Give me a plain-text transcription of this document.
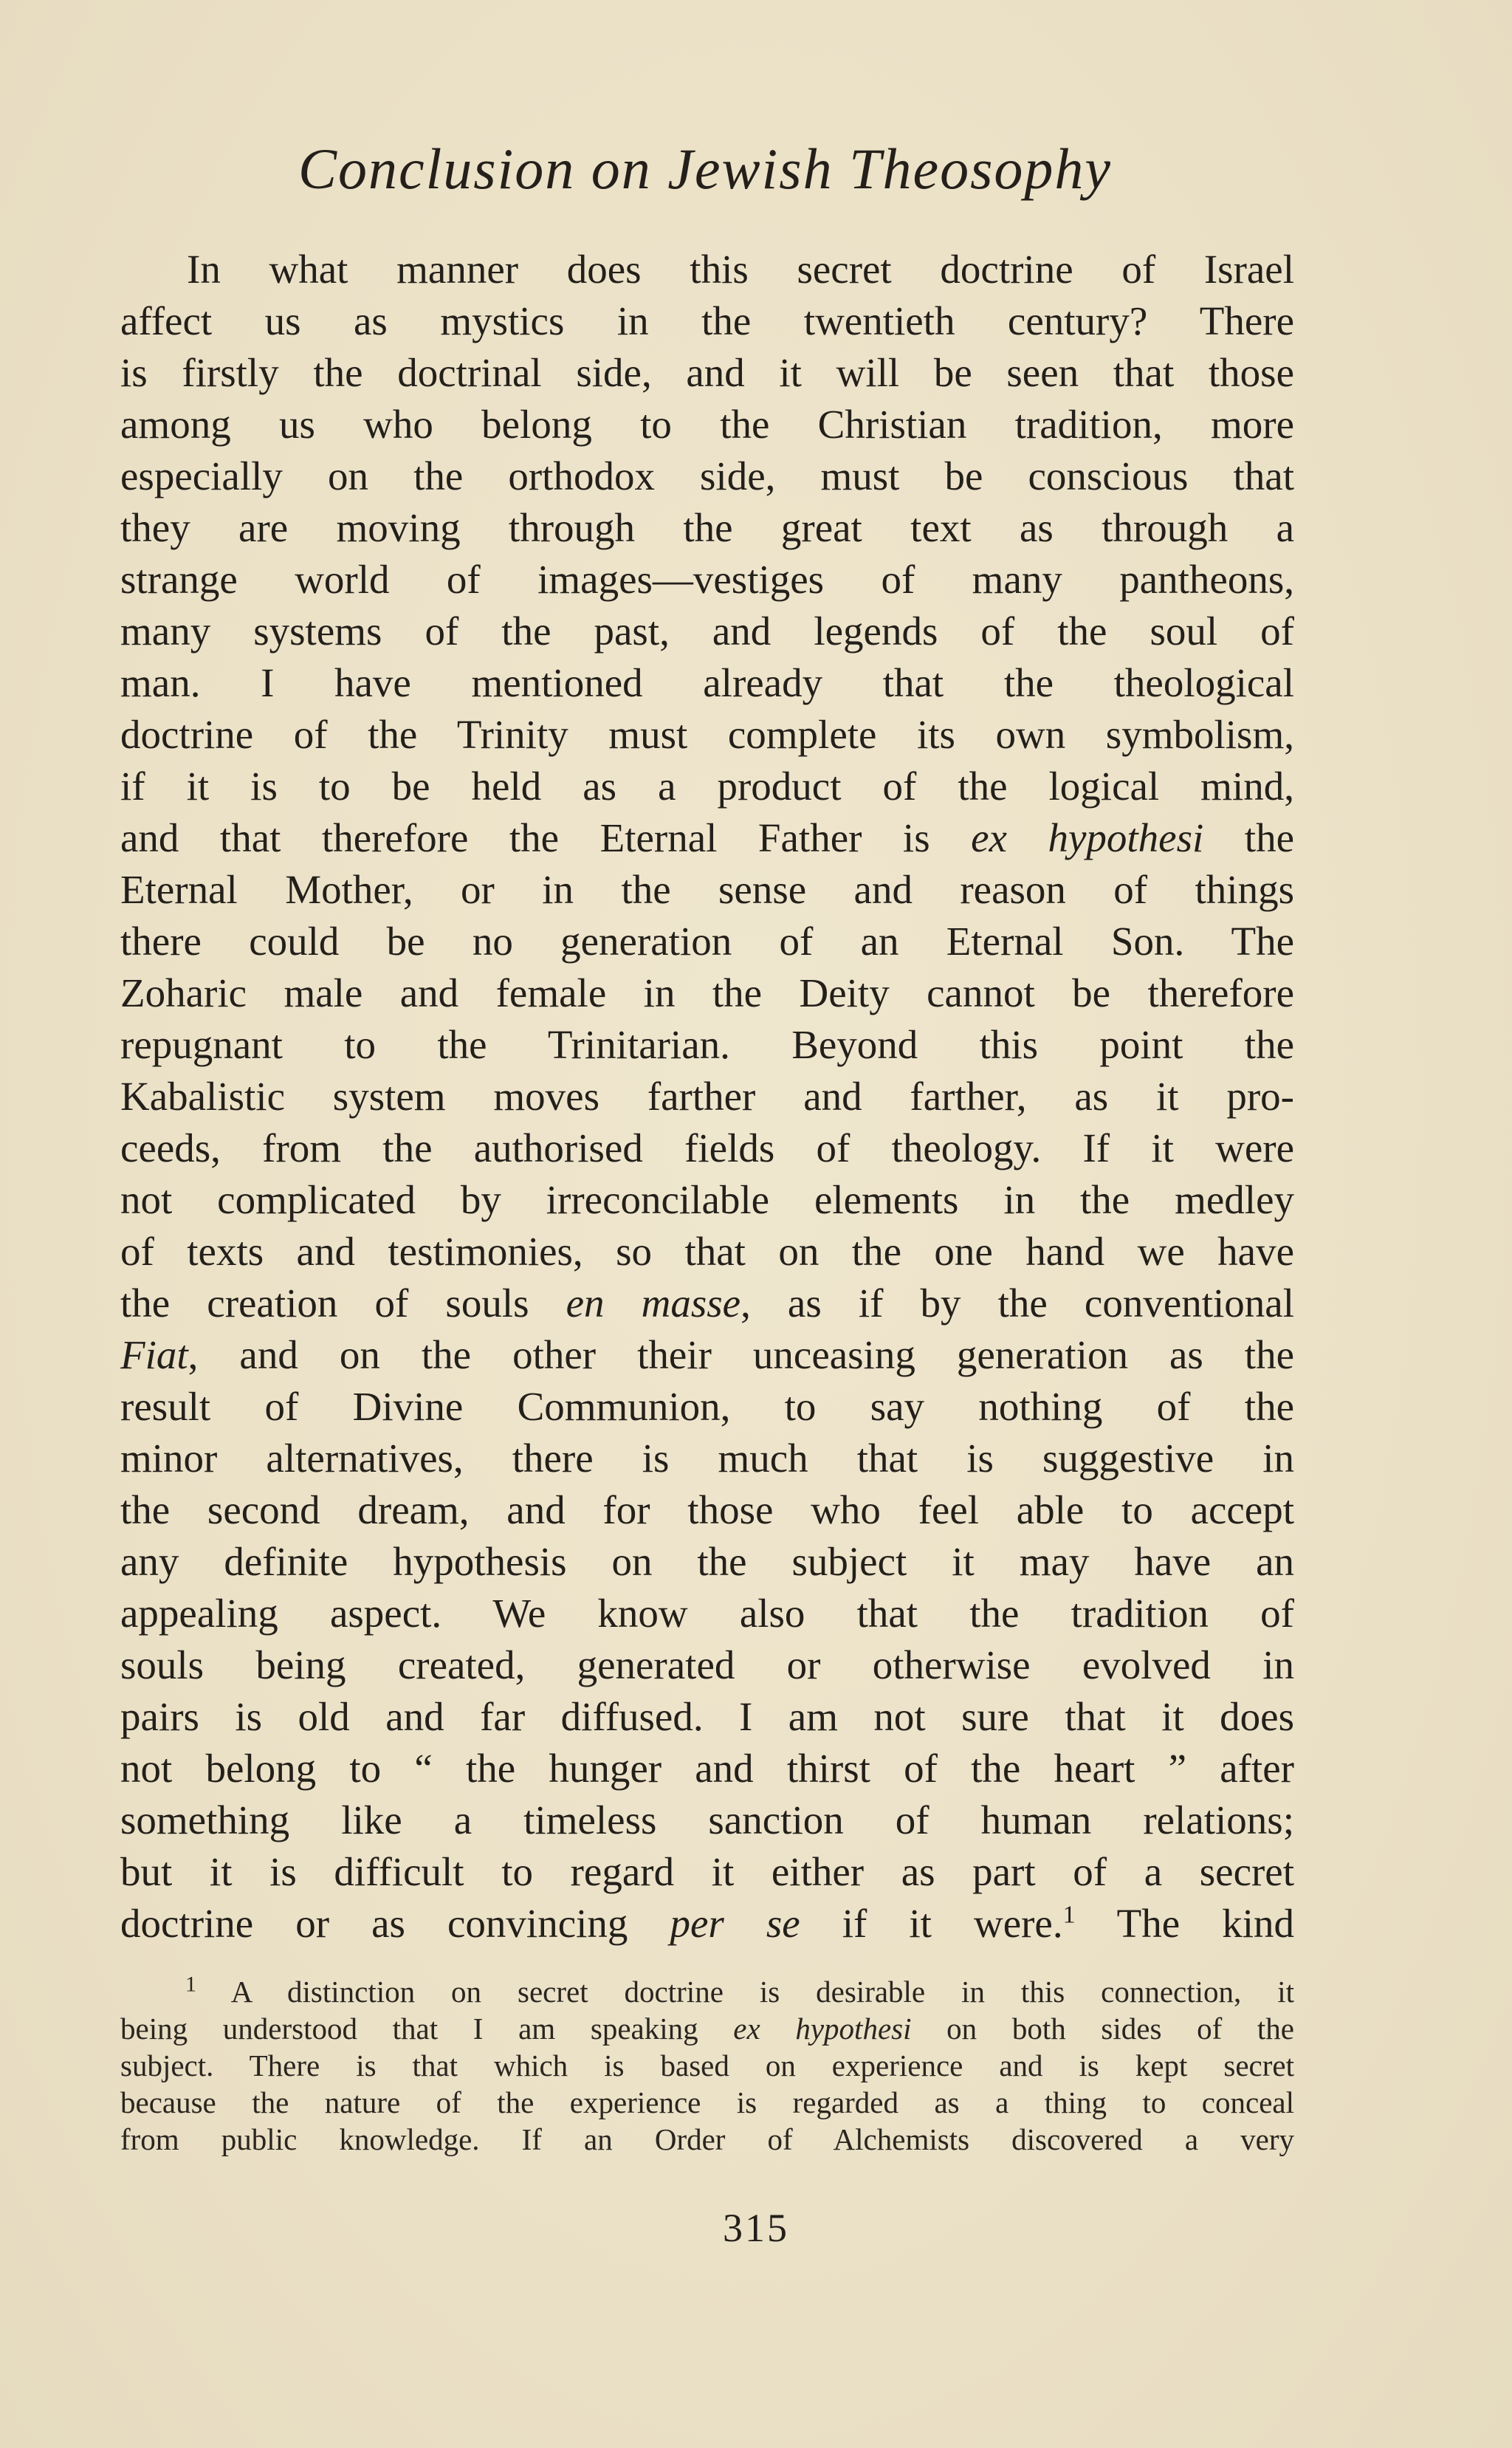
Conclusion on Jewish Theosophy
In what manner does this secret doctrine of Israel
affect us as mystics in the twentieth century? There
is firstly the doctrinal side, and it will be seen that those
among us who belong to the Christian tradition, more
especially on the orthodox side, must be conscious that
they are moving through the great text as through a
strange world of images—vestiges of many pantheons,
many systems of the past, and legends of the soul of
man. I have mentioned already that the theological
doctrine of the Trinity must complete its own symbolism,
if it is to be held as a product of the logical mind,
and that therefore the Eternal Father is ex hypothesi the
Eternal Mother, or in the sense and reason of things
there could be no generation of an Eternal Son. The
Zoharic male and female in the Deity cannot be therefore
repugnant to the Trinitarian. Beyond this point the
Kabalistic system moves farther and farther, as it pro-
ceeds, from the authorised fields of theology. If it were
not complicated by irreconcilable elements in the medley
of texts and testimonies, so that on the one hand we have
the creation of souls en masse, as if by the conventional
Fiat, and on the other their unceasing generation as the
result of Divine Communion, to say nothing of the
minor alternatives, there is much that is suggestive in
the second dream, and for those who feel able to accept
any definite hypothesis on the subject it may have an
appealing aspect. We know also that the tradition of
souls being created, generated or otherwise evolved in
pairs is old and far diffused. I am not sure that it does
not belong to “ the hunger and thirst of the heart ” after
something like a timeless sanction of human relations;
but it is difficult to regard it either as part of a secret
doctrine or as convincing per se if it were.$^1$ The kind
$^1$ A distinction on secret doctrine is desirable in this connection, it
being understood that I am speaking ex hypothesi on both sides of the
subject. There is that which is based on experience and is kept secret
because the nature of the experience is regarded as a thing to conceal
from public knowledge. If an Order of Alchemists discovered a very
315
